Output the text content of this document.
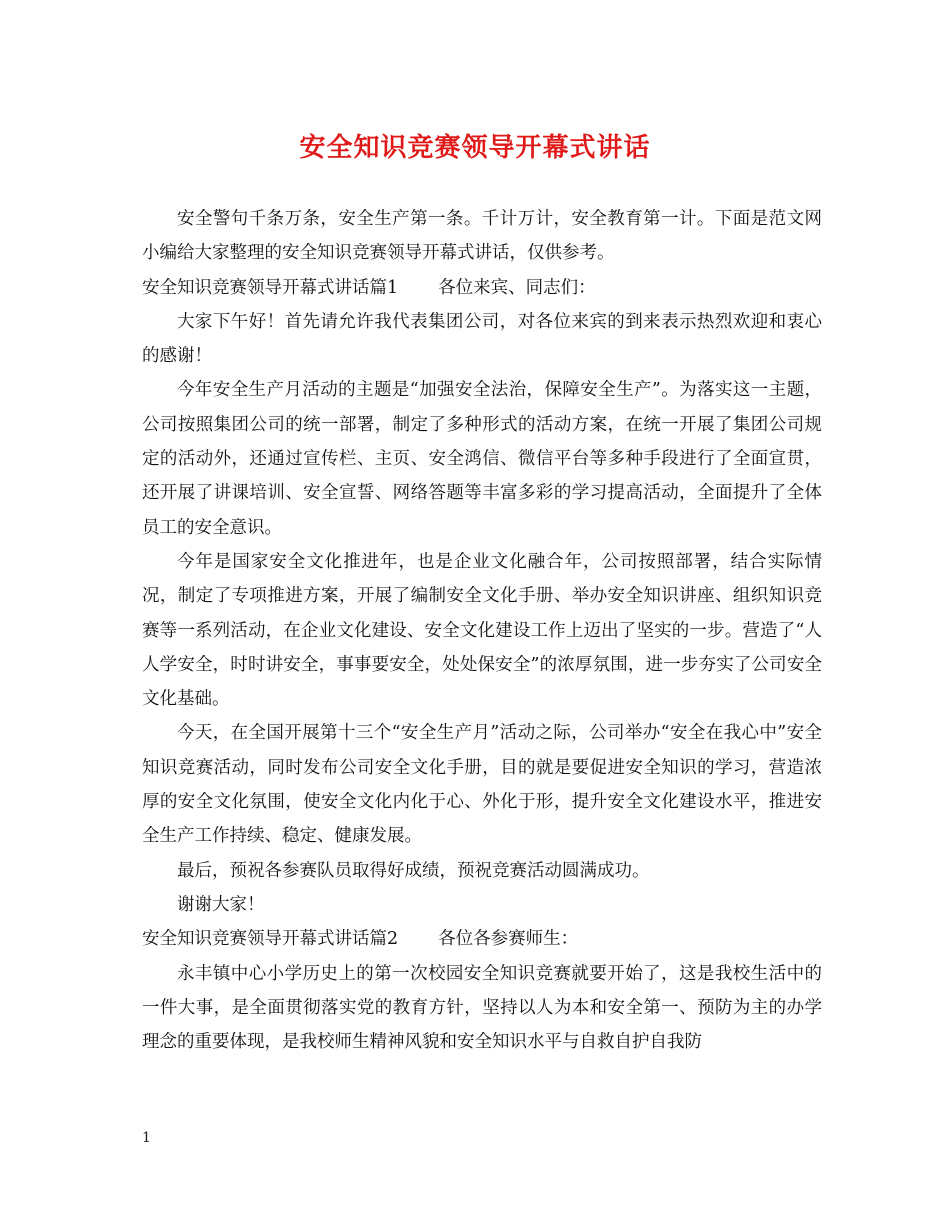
安全知识竞赛领导开幕式讲话

安全警句千条万条，安全生产第一条。千计万计，安全教育第一计。下面是范文网小编给大家整理的安全知识竞赛领导开幕式讲话，仅供参考。

安全知识竞赛领导开幕式讲话篇1 各位来宾、同志们：

大家下午好！首先请允许我代表集团公司，对各位来宾的到来表示热烈欢迎和衷心的感谢！

今年安全生产月活动的主题是“加强安全法治，保障安全生产”。为落实这一主题，公司按照集团公司的统一部署，制定了多种形式的活动方案，在统一开展了集团公司规定的活动外，还通过宣传栏、主页、安全鸿信、微信平台等多种手段进行了全面宣贯，还开展了讲课培训、安全宣誓、网络答题等丰富多彩的学习提高活动，全面提升了全体员工的安全意识。

今年是国家安全文化推进年，也是企业文化融合年，公司按照部署，结合实际情况，制定了专项推进方案，开展了编制安全文化手册、举办安全知识讲座、组织知识竞赛等一系列活动，在企业文化建设、安全文化建设工作上迈出了坚实的一步。营造了“人人学安全，时时讲安全，事事要安全，处处保安全”的浓厚氛围，进一步夯实了公司安全文化基础。

今天，在全国开展第十三个“安全生产月”活动之际，公司举办“安全在我心中”安全知识竞赛活动，同时发布公司安全文化手册，目的就是要促进安全知识的学习，营造浓厚的安全文化氛围，使安全文化内化于心、外化于形，提升安全文化建设水平，推进安全生产工作持续、稳定、健康发展。

最后，预祝各参赛队员取得好成绩，预祝竞赛活动圆满成功。

谢谢大家！

安全知识竞赛领导开幕式讲话篇2 各位各参赛师生：

永丰镇中心小学历史上的第一次校园安全知识竞赛就要开始了，这是我校生活中的一件大事，是全面贯彻落实党的教育方针，坚持以人为本和安全第一、预防为主的办学理念的重要体现，是我校师生精神风貌和安全知识水平与自救自护自我防

1
